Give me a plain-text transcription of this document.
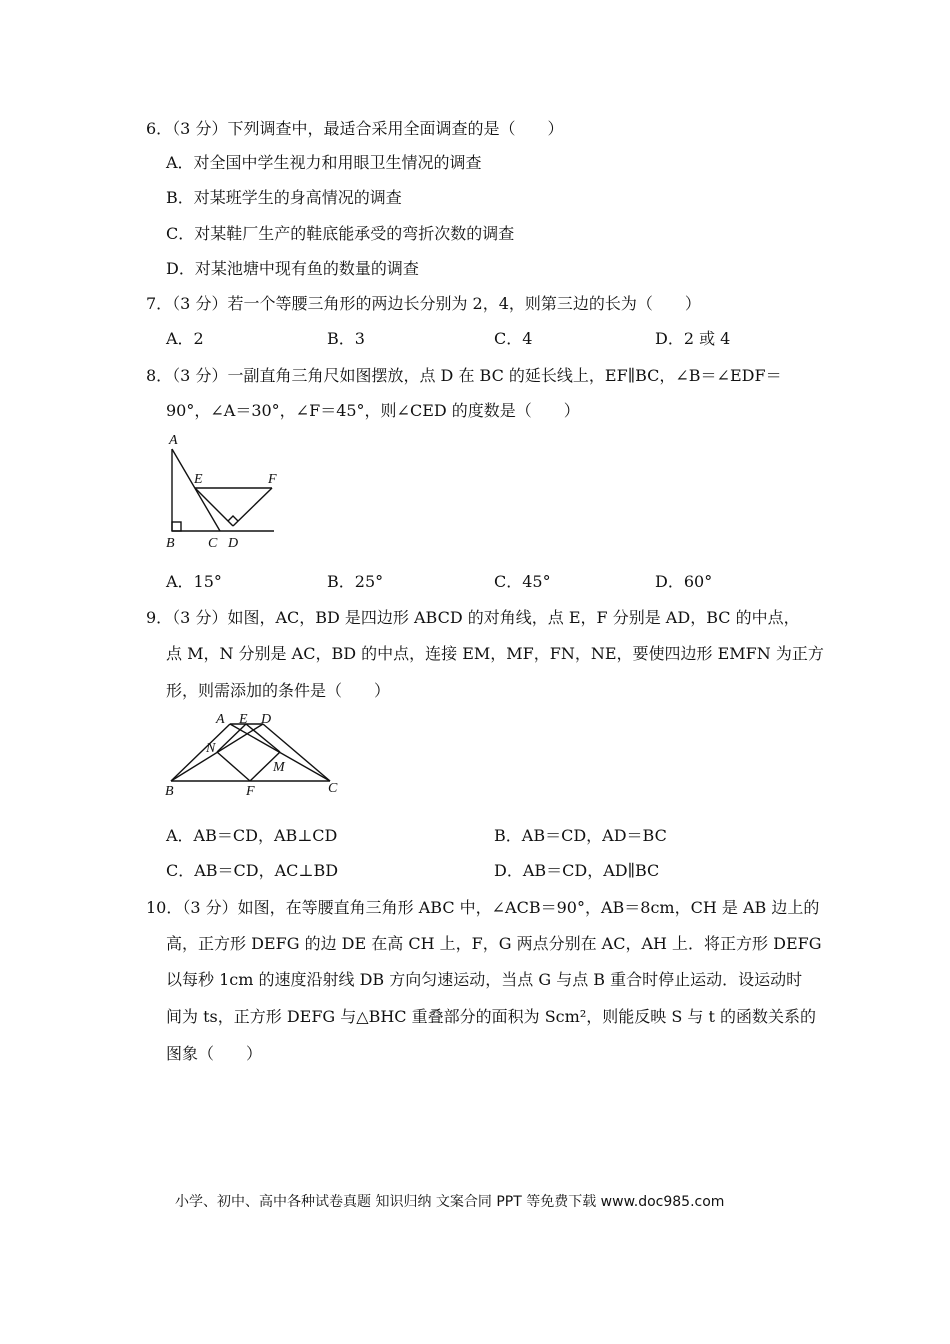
6．（3 分）下列调查中，最适合采用全面调查的是（　　）
A．对全国中学生视力和用眼卫生情况的调查
B．对某班学生的身高情况的调查
C．对某鞋厂生产的鞋底能承受的弯折次数的调查
D．对某池塘中现有鱼的数量的调查
7．（3 分）若一个等腰三角形的两边长分别为 2，4，则第三边的长为（　　）
A．2	B．3	C．4	D．2 或 4
8．（3 分）一副直角三角尺如图摆放，点 D 在 BC 的延长线上，EF∥BC，∠B＝∠EDF＝
90°，∠A＝30°，∠F＝45°，则∠CED 的度数是（　　）
A
E	F
B C D
A．15°	B．25°	C．45°	D．60°
9．（3 分）如图，AC，BD 是四边形 ABCD 的对角线，点 E，F 分别是 AD，BC 的中点，
点 M，N 分别是 AC，BD 的中点，连接 EM，MF，FN，NE，要使四边形 EMFN 为正方
形，则需添加的条件是（　　）
A E D
N
M
B	F	C
A．AB＝CD，AB⊥CD	B．AB＝CD，AD＝BC
C．AB＝CD，AC⊥BD	D．AB＝CD，AD∥BC
10．（3 分）如图，在等腰直角三角形 ABC 中，∠ACB＝90°，AB＝8cm，CH 是 AB 边上的
高，正方形 DEFG 的边 DE 在高 CH 上，F，G 两点分别在 AC，AH 上．将正方形 DEFG
以每秒 1cm 的速度沿射线 DB 方向匀速运动，当点 G 与点 B 重合时停止运动．设运动时
间为 ts，正方形 DEFG 与△BHC 重叠部分的面积为 Scm²，则能反映 S 与 t 的函数关系的
图象（　　）
小学、初中、高中各种试卷真题 知识归纳 文案合同 PPT 等免费下载 www.doc985.com
